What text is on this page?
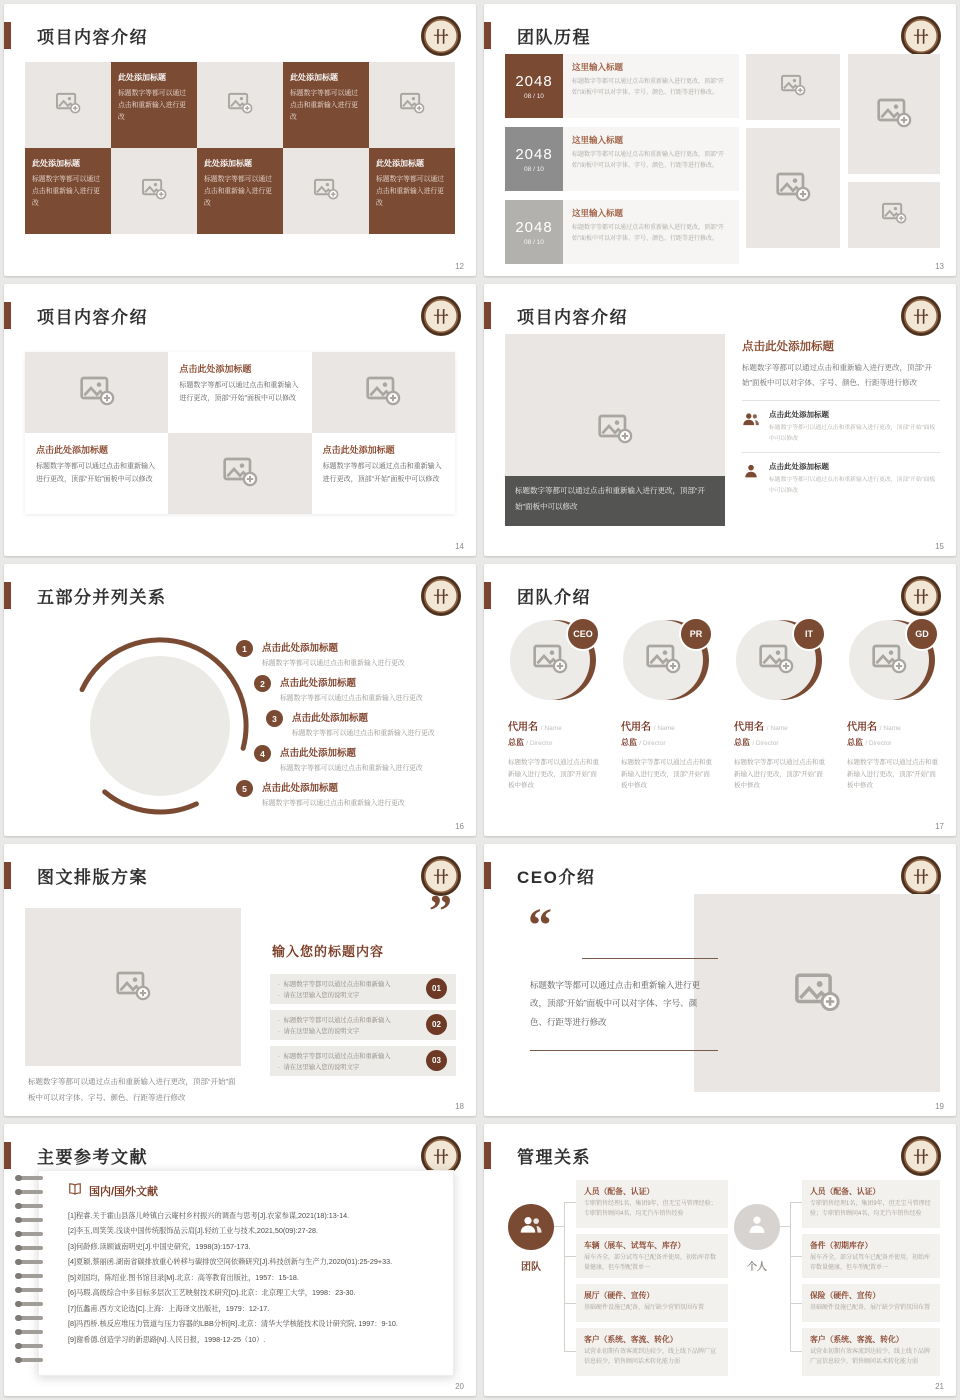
项目内容介绍	卄
此处添加标题

标题数字等都可以通过点击和重新输入进行更改

此处添加标题

标题数字等都可以通过点击和重新输入进行更改

此处添加标题

标题数字等都可以通过点击和重新输入进行更改

此处添加标题

标题数字等都可以通过点击和重新输入进行更改

此处添加标题

标题数字等都可以通过点击和重新输入进行更改

12
团队历程	卄
2048
08 / 10
这里输入标题

标题数字等都可以通过点击和重新输入进行更改，顶部“开始”面板中可以对字体、字号、颜色、行距等进行修改。

2048
08 / 10
这里输入标题

标题数字等都可以通过点击和重新输入进行更改，顶部“开始”面板中可以对字体、字号、颜色、行距等进行修改。

2048
08 / 10
这里输入标题

标题数字等都可以通过点击和重新输入进行更改，顶部“开始”面板中可以对字体、字号、颜色、行距等进行修改。

13
项目内容介绍	卄
点击此处添加标题

标题数字等都可以通过点击和重新输入进行更改，顶部“开始”面板中可以修改

点击此处添加标题

标题数字等都可以通过点击和重新输入进行更改，顶部“开始”面板中可以修改

点击此处添加标题

标题数字等都可以通过点击和重新输入进行更改，顶部“开始”面板中可以修改

14
项目内容介绍	卄
标题数字等都可以通过点击和重新输入进行更改，顶部“开始”面板中可以修改
点击此处添加标题

标题数字等都可以通过点击和重新输入进行更改，顶部“开始”面板中可以对字体、字号、颜色、行距等进行修改

点击此处添加标题

标题数字等都可以通过点击和重新输入进行更改，顶部“开始”面板中可以修改

点击此处添加标题

标题数字等都可以通过点击和重新输入进行更改，顶部“开始”面板中可以修改

15
五部分并列关系	卄
1	点击此处添加标题

标题数字等都可以通过点击和重新输入进行更改

2	点击此处添加标题

标题数字等都可以通过点击和重新输入进行更改

3	点击此处添加标题

标题数字等都可以通过点击和重新输入进行更改

4	点击此处添加标题

标题数字等都可以通过点击和重新输入进行更改

5	点击此处添加标题

标题数字等都可以通过点击和重新输入进行更改

16
团队介绍	卄
CEO
代用名 / Name
总监 / Director

标题数字等都可以通过点击和重新输入进行更改，顶部“开始”面板中修改

PR
代用名 / Name
总监 / Director

标题数字等都可以通过点击和重新输入进行更改，顶部“开始”面板中修改

IT
代用名 / Name
总监 / Director

标题数字等都可以通过点击和重新输入进行更改，顶部“开始”面板中修改

GD
代用名 / Name
总监 / Director

标题数字等都可以通过点击和重新输入进行更改，顶部“开始”面板中修改

17
图文排版方案	卄
标题数字等都可以通过点击和重新输入进行更改，顶部“开始”面板中可以对字体、字号、颜色、行距等进行修改
”
输入您的标题内容
·  标题数字等都可以通过点击和重新输入
·  请在这里输入您的说明文字
01
·  标题数字等都可以通过点击和重新输入
·  请在这里输入您的说明文字
02
·  标题数字等都可以通过点击和重新输入
·  请在这里输入您的说明文字
03
18
CEO介绍	卄
“
标题数字等都可以通过点击和重新输入进行更改，顶部“开始”面板中可以对字体、字号、颜色、行距等进行修改
19
主要参考文献	卄
国内/国外文献
[1]程睿.关于霍山县落儿岭镇白云庵村乡村振兴的调查与思考[J].农家参谋,2021(18):13-14.
[2]李玉,周笑笑.浅谈中国传统服饰品云肩[J].轻纺工业与技术,2021,50(09):27-28.
[3]何龄修.读顾诚南明史[J].中国史研究，1998(3):157-173.
[4]夏颖,蔡丽函.湖南省碳排放重心转移与碳排放空间依赖研究[J].科技创新与生产力,2020(01):25-29+33.
[5]刘国均，陈绍业.图书馆目录[M].北京：高等教育出版社，1957：15-18.
[6]马瑕.高级综合中多目标多层次工艺映射技术研究[D].北京：北京理工大学，1998：23-30.
[7]伍蠡甫.西方文论选[C].上海：上海译文出版社，1979：12-17.
[8]冯西桥.核反应堆压力管道与压力容器的LBB分析[R].北京：清华大学核能技术设计研究院, 1997：9-10.
[9]谢希德.创造学习的新思路[N].人民日报，1998-12-25（10）.
20
管理关系	卄
团队
人员（配备、认证）

专职销售经理1名，集团9年，但无宝马管理经验；专职销售顾问4名，均无汽车销售经验

车辆（展车、试驾车、库存）

展车齐全，部分试驾车已配备并使用，初始库存数量健康，但车型配置单一

展厅（硬件、宣传）

基础硬件设施已配备，展厅缺少营销氛围布置

客户（系统、客流、转化）

试营业初期有效客流到达较少，线上线下品牌广宣信息较少，销售顾问话术转化能力弱

个人
人员（配备、认证）

专职销售经理1名，集团9年，但无宝马管理经验；专职销售顾问4名，均无汽车销售经验

备件（初期库存）

展车齐全，部分试驾车已配备并使用，初始库存数量健康，但车型配置单一

保险（硬件、宣传）

基础硬件设施已配备，展厅缺少营销氛围布置

客户（系统、客流、转化）

试营业初期有效客流到达较少，线上线下品牌广宣信息较少，销售顾问话术转化能力弱

21
